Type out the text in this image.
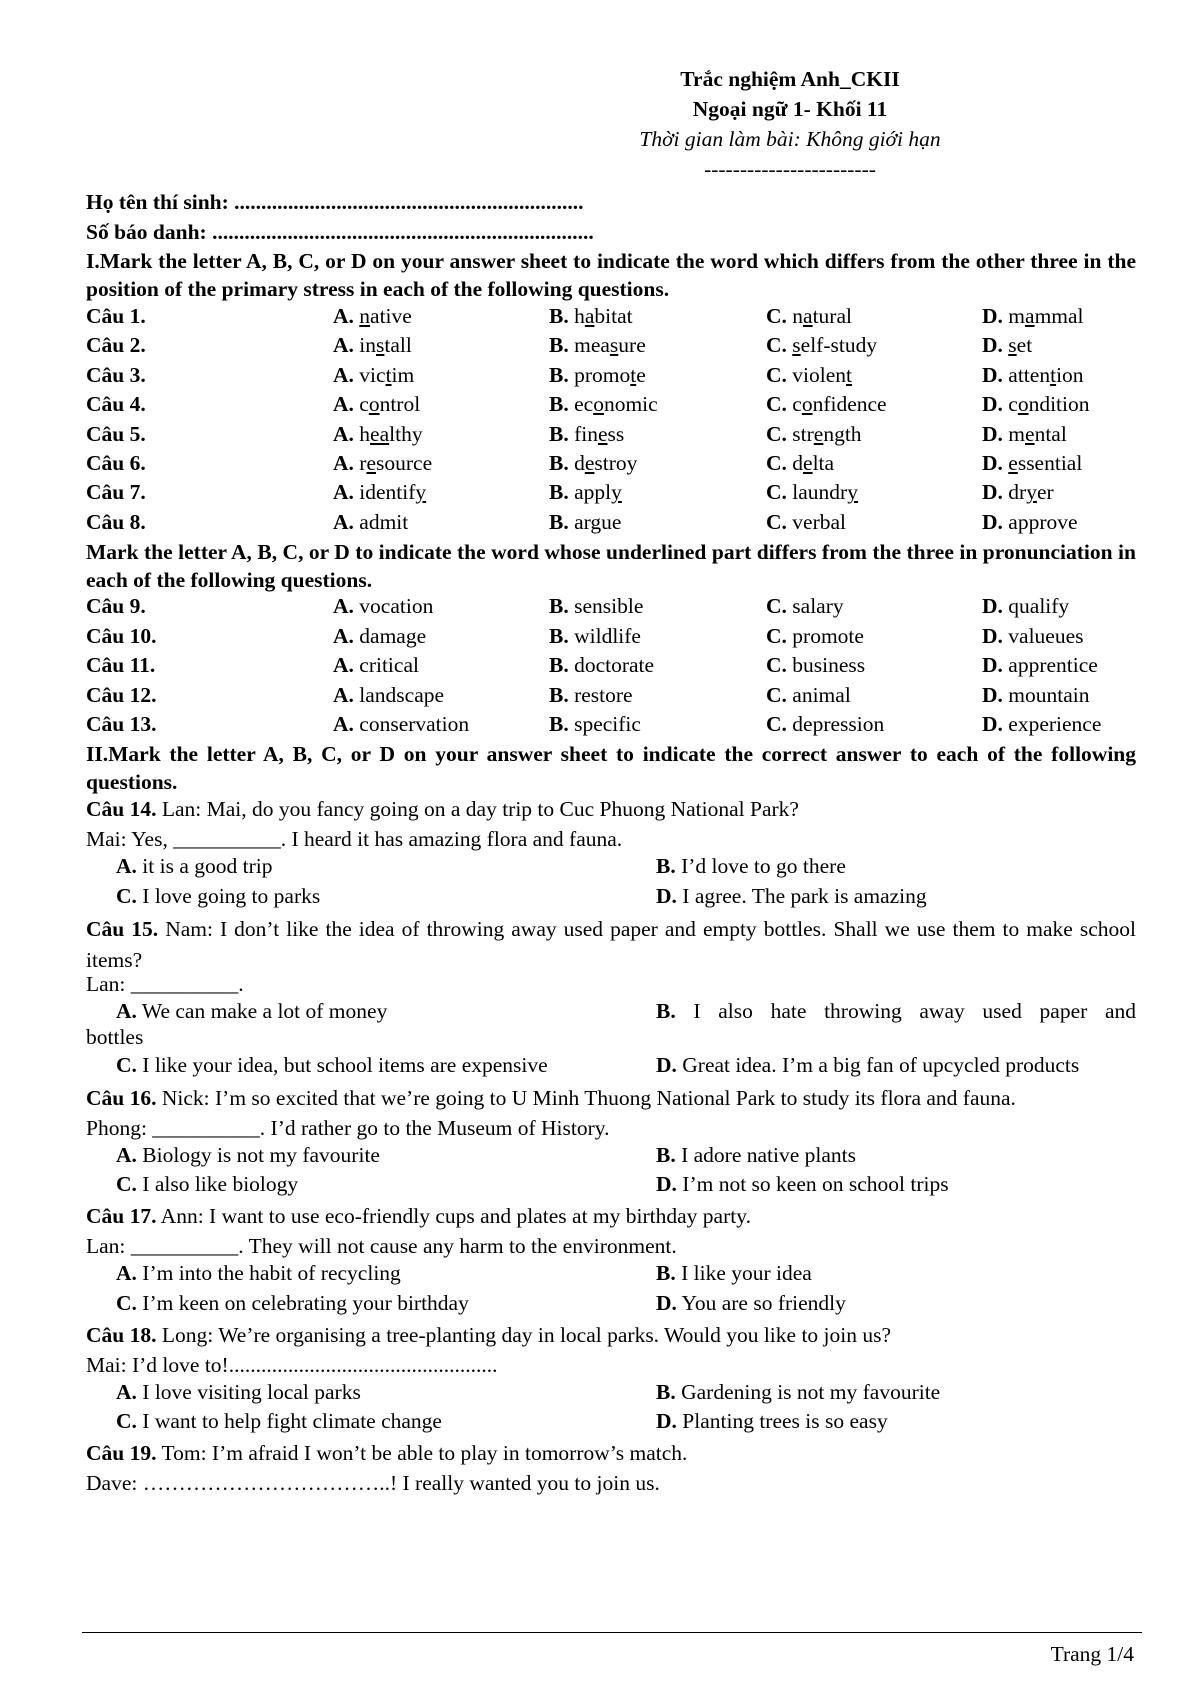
Trắc nghiệm Anh_CKII
Ngoại ngữ 1- Khối 11
Thời gian làm bài: Không giới hạn
------------------------
Họ tên thí sinh: .................................................................
Số báo danh: .......................................................................
I.Mark the letter A, B, C, or D on your answer sheet to indicate the word which differs from the other three in the position of the primary stress in each of the following questions.
Câu 1.	A. native	B. habitat	C. natural	D. mammal
Câu 2.	A. install	B. measure	C. self-study	D. set
Câu 3.	A. victim	B. promote	C. violent	D. attention
Câu 4.	A. control	B. economic	C. confidence	D. condition
Câu 5.	A. healthy	B. finess	C. strength	D. mental
Câu 6.	A. resource	B. destroy	C. delta	D. essential
Câu 7.	A. identify	B. apply	C. laundry	D. dryer
Câu 8.	A. admit	B. argue	C. verbal	D. approve
Mark the letter A, B, C, or D to indicate the word whose underlined part differs from the three in pronunciation in each of the following questions.
Câu 9.	A. vocation	B. sensible	C. salary	D. qualify
Câu 10.	A. damage	B. wildlife	C. promote	D. valueues
Câu 11.	A. critical	B. doctorate	C. business	D. apprentice
Câu 12.	A. landscape	B. restore	C. animal	D. mountain
Câu 13.	A. conservation	B. specific	C. depression	D. experience
II.Mark the letter A, B, C, or D on your answer sheet to indicate the correct answer to each of the following questions.
Câu 14. Lan: Mai, do you fancy going on a day trip to Cuc Phuong National Park?
Mai: Yes, __________. I heard it has amazing flora and fauna.
A. it is a good trip	B. I’d love to go there
C. I love going to parks	D. I agree. The park is amazing
Câu 15. Nam: I don’t like the idea of throwing away used paper and empty bottles. Shall we use them to make school items?
Lan: __________.
A. We can make a lot of money	B. I also hate throwing away used paper and
bottles
C. I like your idea, but school items are expensive	D. Great idea. I’m a big fan of upcycled products
Câu 16. Nick: I’m so excited that we’re going to U Minh Thuong National Park to study its flora and fauna.
Phong: __________. I’d rather go to the Museum of History.
A. Biology is not my favourite	B. I adore native plants
C. I also like biology	D. I’m not so keen on school trips
Câu 17. Ann: I want to use eco-friendly cups and plates at my birthday party.
Lan: __________. They will not cause any harm to the environment.
A. I’m into the habit of recycling	B. I like your idea
C. I’m keen on celebrating your birthday	D. You are so friendly
Câu 18. Long: We’re organising a tree-planting day in local parks. Would you like to join us?
Mai: I’d love to!..................................................
A. I love visiting local parks	B. Gardening is not my favourite
C. I want to help fight climate change	D. Planting trees is so easy
Câu 19. Tom: I’m afraid I won’t be able to play in tomorrow’s match.
Dave: ……………………………..! I really wanted you to join us.
Trang 1/4
